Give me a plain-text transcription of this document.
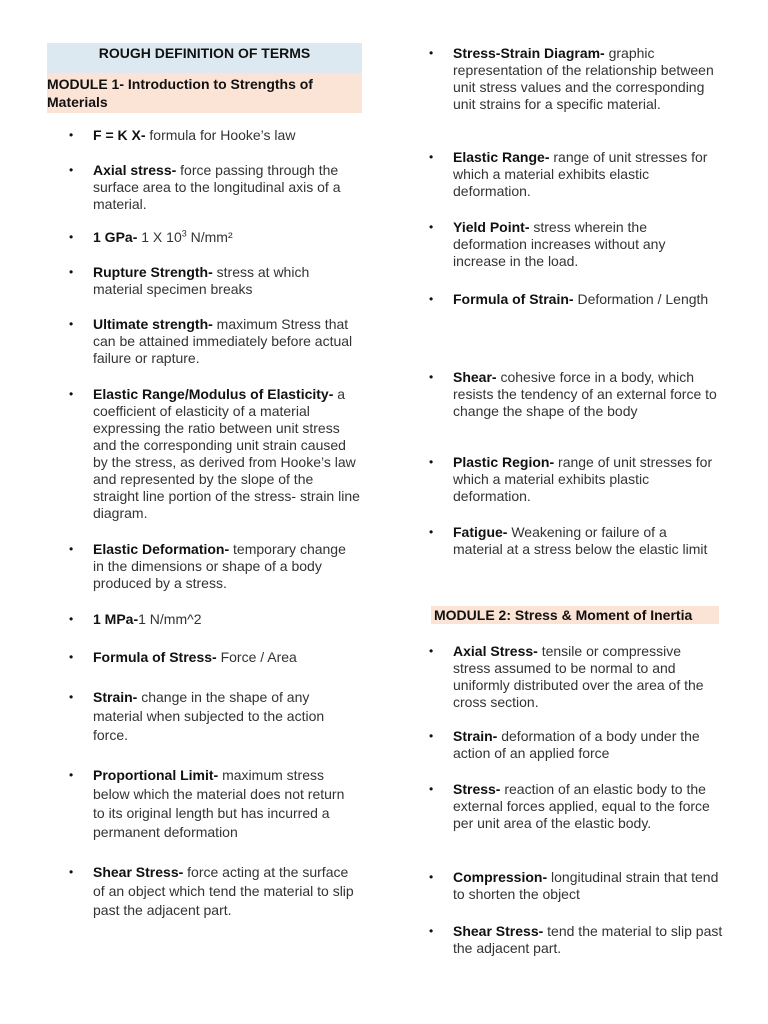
ROUGH DEFINITION OF TERMS
MODULE 1- Introduction to Strengths of Materials
MODULE 2: Stress & Moment of Inertia
• F = K X- formula for Hooke’s law
• Axial stress- force passing through the surface area to the longitudinal axis of a material.
• 1 GPa- 1 X $10^3$ N/mm²
• Rupture Strength- stress at which material specimen breaks
• Ultimate strength- maximum Stress that can be attained immediately before actual failure or rapture.
• Elastic Range/Modulus of Elasticity- a coefficient of elasticity of a material expressing the ratio between unit stress and the corresponding unit strain caused by the stress, as derived from Hooke’s law and represented by the slope of the straight line portion of the stress- strain line diagram.
• Elastic Deformation- temporary change in the dimensions or shape of a body produced by a stress.
• 1 MPa-1 N/mm^2
• Formula of Stress- Force / Area
• Strain- change in the shape of any material when subjected to the action force.
• Proportional Limit- maximum stress below which the material does not return to its original length but has incurred a permanent deformation
• Shear Stress- force acting at the surface of an object which tend the material to slip past the adjacent part.
• Stress-Strain Diagram- graphic representation of the relationship between unit stress values and the corresponding unit strains for a specific material.
• Elastic Range- range of unit stresses for which a material exhibits elastic deformation.
• Yield Point- stress wherein the deformation increases without any increase in the load.
• Formula of Strain- Deformation / Length
• Shear- cohesive force in a body, which resists the tendency of an external force to change the shape of the body
• Plastic Region- range of unit stresses for which a material exhibits plastic deformation.
• Fatigue- Weakening or failure of a material at a stress below the elastic limit
• Axial Stress- tensile or compressive stress assumed to be normal to and uniformly distributed over the area of the cross section.
• Strain- deformation of a body under the action of an applied force
• Stress- reaction of an elastic body to the external forces applied, equal to the force per unit area of the elastic body.
• Compression- longitudinal strain that tend to shorten the object
• Shear Stress- tend the material to slip past the adjacent part.
